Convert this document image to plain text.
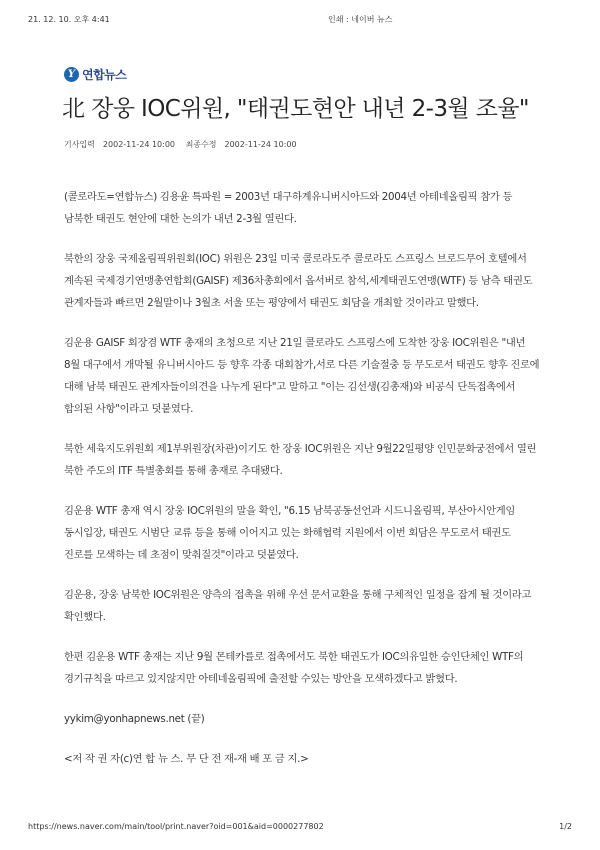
21. 12. 10. 오후 4:41	인쇄 : 네이버 뉴스
Y 연합뉴스
北 장웅 IOC위원, "태권도현안 내년 2-3월 조율"
기사입력 2002-11-24 10:00 최종수정 2002-11-24 10:00

(콜로라도=연합뉴스) 김용윤 특파원 = 2003년 대구하계유니버시아드와 2004년 아테네올림픽 참가 등 남북한 태권도 현안에 대한 논의가 내년 2-3월 열린다.

북한의 장웅 국제올림픽위원회(IOC) 위원은 23일 미국 콜로라도주 콜로라도 스프링스 브로드무어 호텔에서 계속된 국제경기연맹총연합회(GAISF) 제36차총회에서 옵서버로 참석,세계태권도연맹(WTF) 등 남측 태권도 관계자들과 빠르면 2월말이나 3월초 서울 또는 평양에서 태권도 회담을 개최할 것이라고 말했다.

김운용 GAISF 회장겸 WTF 총재의 초청으로 지난 21일 콜로라도 스프링스에 도착한 장웅 IOC위원은 "내년 8월 대구에서 개막될 유니버시아드 등 향후 각종 대회참가,서로 다른 기술절충 등 무도로서 태권도 향후 진로에 대해 남북 태권도 관계자들이의견을 나누게 된다"고 말하고 "이는 김선생(김총재)와 비공식 단독접촉에서 합의된 사항"이라고 덧붙였다.

북한 세육지도위원회 제1부위원장(차관)이기도 한 장웅 IOC위원은 지난 9월22일평양 인민문화궁전에서 열린 북한 주도의 ITF 특별총회를 통해 총재로 추대됐다.

김운용 WTF 총재 역시 장웅 IOC위원의 말을 확인, "6.15 남북공동선언과 시드니올림픽, 부산아시안게임 동시입장, 태권도 시범단 교류 등을 통해 이어지고 있는 화해협력 지원에서 이번 회담은 무도로서 태권도 진로를 모색하는 데 초점이 맞춰질것"이라고 덧붙였다.

김운용, 장웅 남북한 IOC위원은 양측의 접촉을 위해 우선 문서교환을 통해 구체적인 일정을 잡게 될 것이라고 확인했다.

한편 김운용 WTF 총재는 지난 9월 몬테카를로 접촉에서도 북한 태권도가 IOC의유일한 승인단체인 WTF의 경기규칙을 따르고 있지않지만 아테네올림픽에 출전할 수있는 방안을 모색하겠다고 밝혔다.

yykim@yonhapnews.net (끝)

<저 작 권 자(c)연 합 뉴 스. 무 단 전 재-재 배 포 금 지.>

https://news.naver.com/main/tool/print.naver?oid=001&aid=0000277802	1/2
